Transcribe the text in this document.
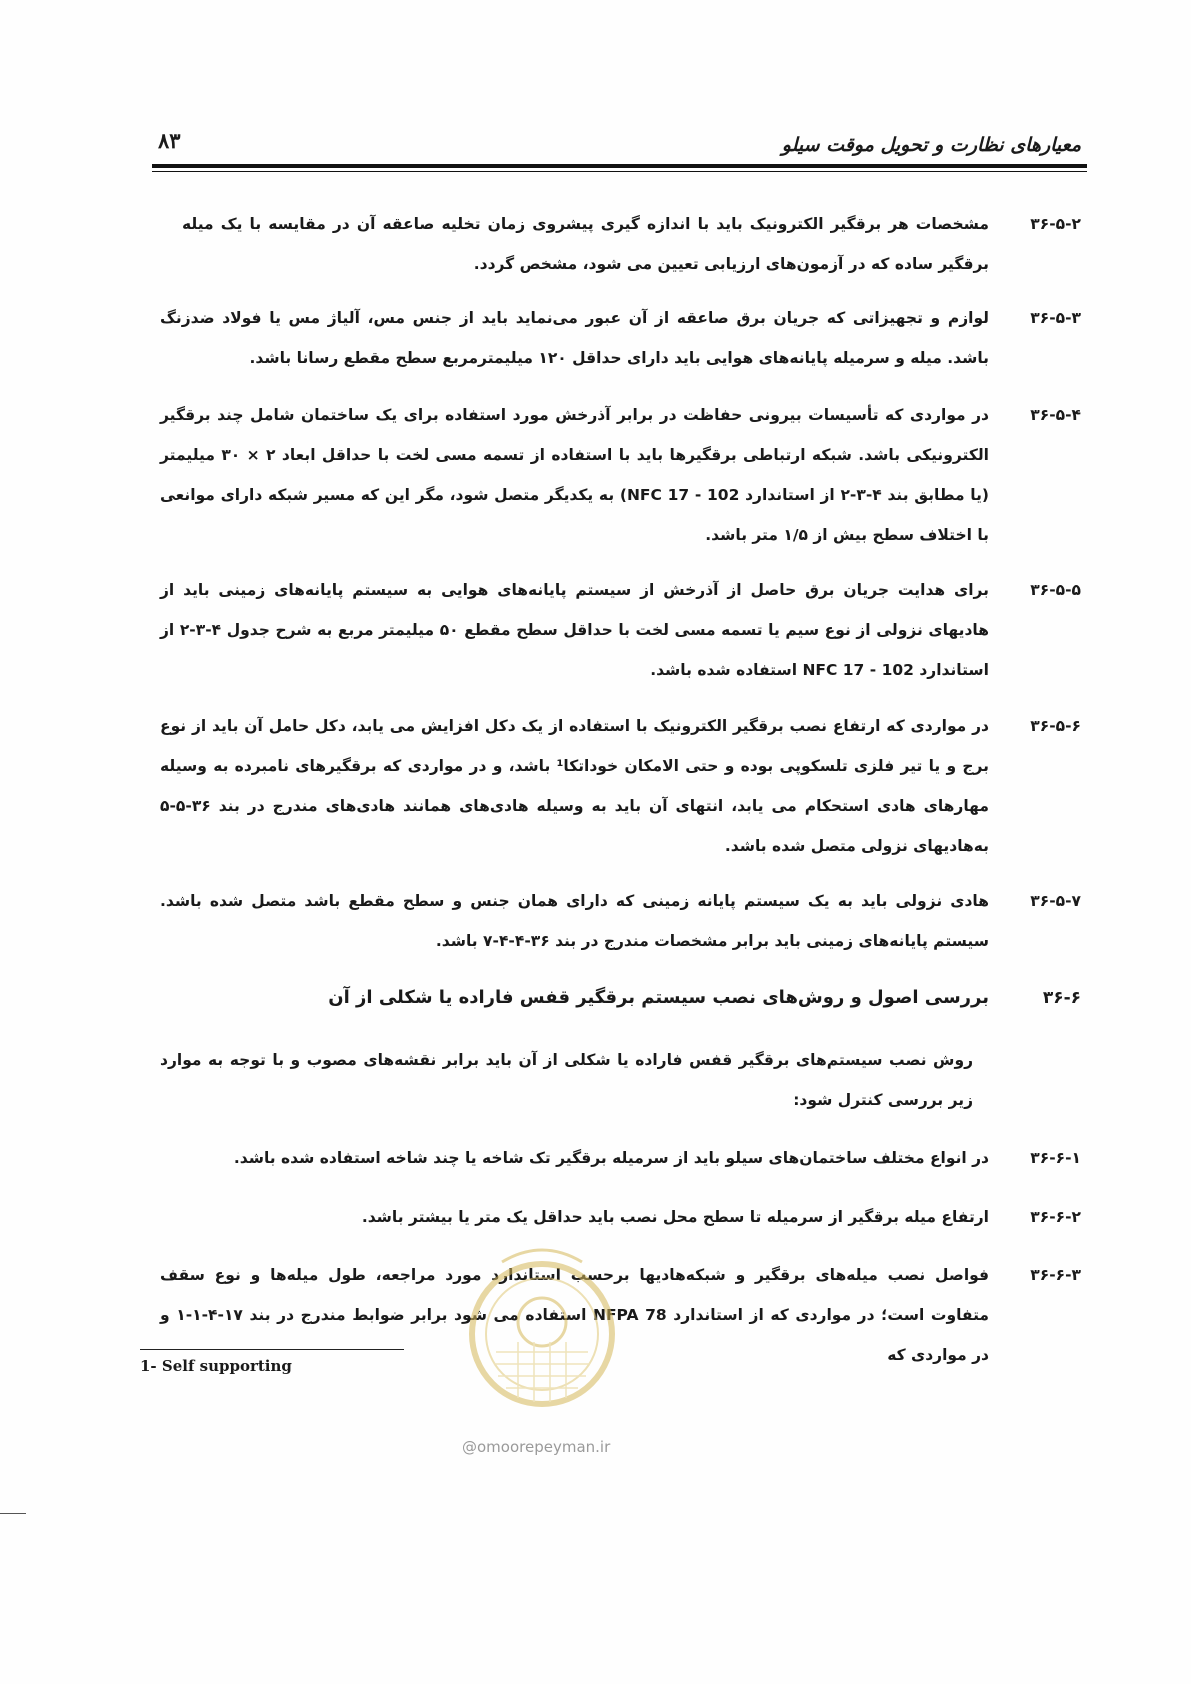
۸۳	معیارهای نظارت و تحویل موقت سیلو
۳۶-۵-۲
مشخصات هر برقگیر الکترونیک باید با اندازه گیری پیشروی زمان تخلیه صاعقه آن در مقایسه با یک میله برقگیر ساده که در آزمون‌های ارزیابی تعیین می شود، مشخص گردد.
۳۶-۵-۳
لوازم و تجهیزاتی که جریان برق صاعقه از آن عبور می‌نماید باید از جنس مس، آلیاژ مس یا فولاد ضدزنگ باشد. میله و سرمیله پایانه‌های هوایی باید دارای حداقل ۱۲۰ میلیمترمربع سطح مقطع رسانا باشد.
۳۶-۵-۴
در مواردی که تأسیسات بیرونی حفاظت در برابر آذرخش مورد استفاده برای یک ساختمان شامل چند برقگیر الکترونیکی باشد. شبکه ارتباطی برقگیرها باید با استفاده از تسمه مسی لخت با حداقل ابعاد ۲ × ۳۰ میلیمتر (یا مطابق بند ۴-۳-۲ از استاندارد NFC 17 - 102) به یکدیگر متصل شود، مگر این که مسیر شبکه دارای موانعی با اختلاف سطح بیش از ۱/۵ متر باشد.
۳۶-۵-۵
برای هدایت جریان برق حاصل از آذرخش از سیستم پایانه‌های هوایی به سیستم پایانه‌های زمینی باید از هادیهای نزولی از نوع سیم یا تسمه مسی لخت با حداقل سطح مقطع ۵۰ میلیمتر مربع به شرح جدول ۴-۳-۲ از استاندارد NFC 17 - 102 استفاده شده باشد.
۳۶-۵-۶
در مواردی که ارتفاع نصب برقگیر الکترونیک با استفاده از یک دکل افزایش می یابد، دکل حامل آن باید از نوع برج و یا تیر فلزی تلسکوپی بوده و حتی الامکان خوداتکا¹ باشد، و در مواردی که برقگیرهای نامبرده به وسیله مهارهای هادی استحکام می یابد، انتهای آن باید به وسیله هادی‌های همانند هادی‌های مندرج در بند ۳۶-۵-۵ به‌هادیهای نزولی متصل شده باشد.
۳۶-۵-۷
هادی نزولی باید به یک سیستم پایانه زمینی که دارای همان جنس و سطح مقطع باشد متصل شده باشد. سیستم پایانه‌های زمینی باید برابر مشخصات مندرج در بند ۳۶-۴-۴-۷ باشد.
۳۶-۶
بررسی اصول و روش‌های نصب سیستم برقگیر قفس فاراده یا شکلی از آن
روش نصب سیستم‌های برقگیر قفس فاراده یا شکلی از آن باید برابر نقشه‌های مصوب و با توجه به موارد زیر بررسی کنترل شود:
۳۶-۶-۱
در انواع مختلف ساختمان‌های سیلو باید از سرمیله برقگیر تک شاخه یا چند شاخه استفاده شده باشد.
۳۶-۶-۲
ارتفاع میله برقگیر از سرمیله تا سطح محل نصب باید حداقل یک متر یا بیشتر باشد.
۳۶-۶-۳
فواصل نصب میله‌های برقگیر و شبکه‌هادیها برحسب استاندارد مورد مراجعه، طول میله‌ها و نوع سقف متفاوت است؛ در مواردی که از استاندارد NFPA 78 استفاده می شود برابر ضوابط مندرج در بند ۱۷-۴-۱-۱ و در مواردی که
1- Self supporting
@omoorepeyman.ir
